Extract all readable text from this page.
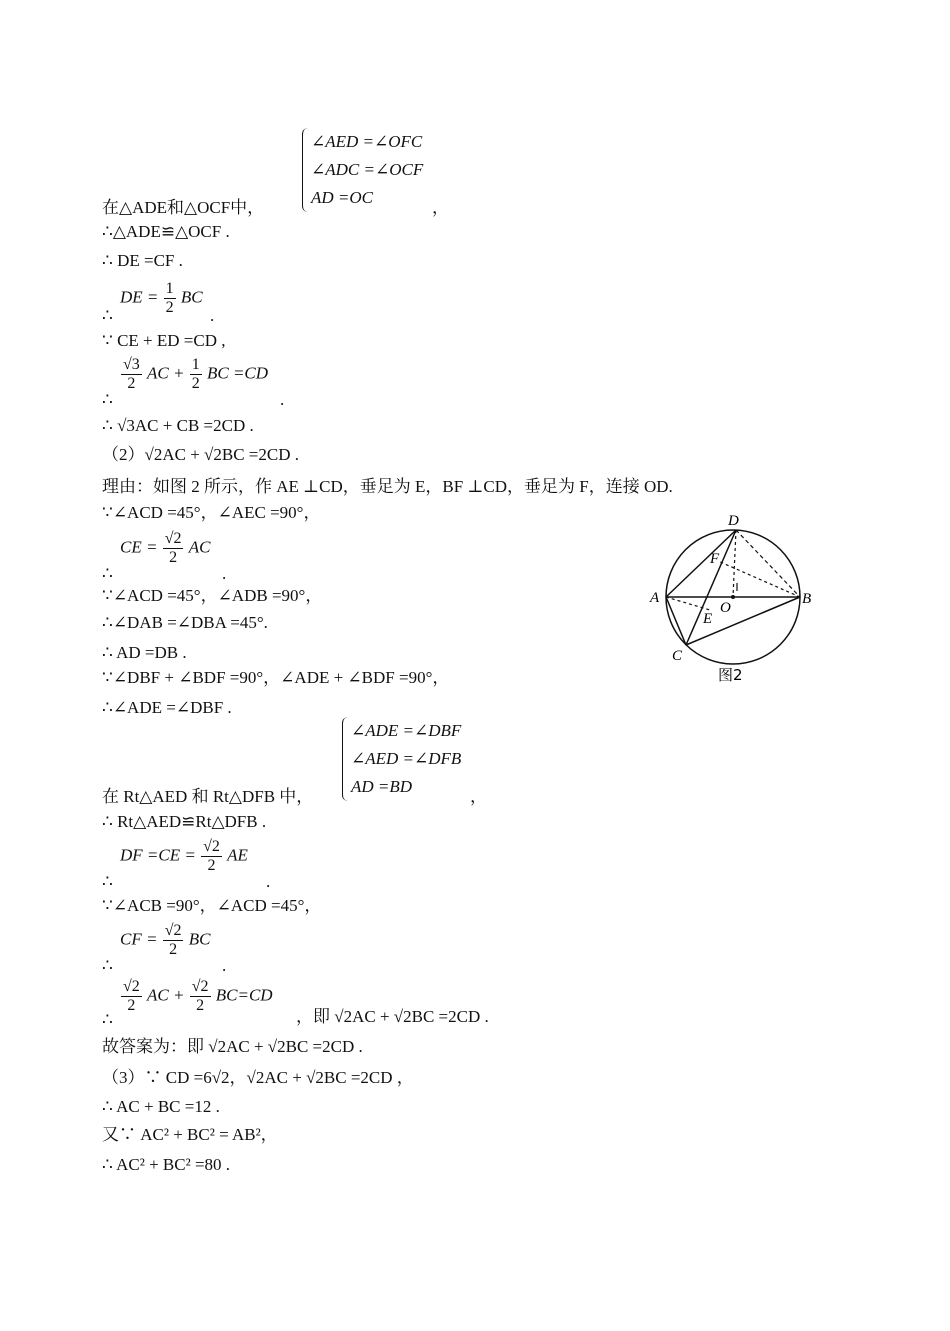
∠AED =∠OFC
∠ADC =∠OCF
AD =OC
在△ADE和△OCF中，	，
∴△ADE≌△OCF .
∴ DE =CF .
DE = $\frac{1}{2}$ BC
∴	.
∵ CE + ED =CD ,
$\frac{√3}{2}$ AC + $\frac{1}{2}$ BC =CD
∴	.
∴ √3AC + CB =2CD .
（2）√2AC + √2BC =2CD .
理由：如图 2 所示，作 AE ⊥CD，垂足为 E，BF ⊥CD，垂足为 F，连接 OD.
∵∠ACD =45°，∠AEC =90°，
CE = $\frac{√2}{2}$ AC
∴	.
∵∠ACD =45°，∠ADB =90°，
∴∠DAB =∠DBA =45°.
∴ AD =DB .
∵∠DBF + ∠BDF =90°，∠ADE + ∠BDF =90°，
∴∠ADE =∠DBF .
∠ADE =∠DBF
∠AED =∠DFB
AD =BD
在 Rt△AED 和 Rt△DFB 中，	，
∴ Rt△AED≌Rt△DFB .
DF $=CE = \frac{√2}{2}$ AE
∴	.
∵∠ACB =90°，∠ACD =45°，
CF = $\frac{√2}{2}$ BC
∴	.
$\frac{√2}{2}$ AC + $\frac{√2}{2} BC=CD$
∴	，即 √2AC + √2BC =2CD .
故答案为：即 √2AC + √2BC =2CD .
（3）∵ CD =6√2，√2AC + √2BC =2CD ，
∴ AC + BC =12 .
又∵ AC² + BC² = AB²，
∴ AC² + BC² =80 .
D
A	B
C
E
F
O
图2
